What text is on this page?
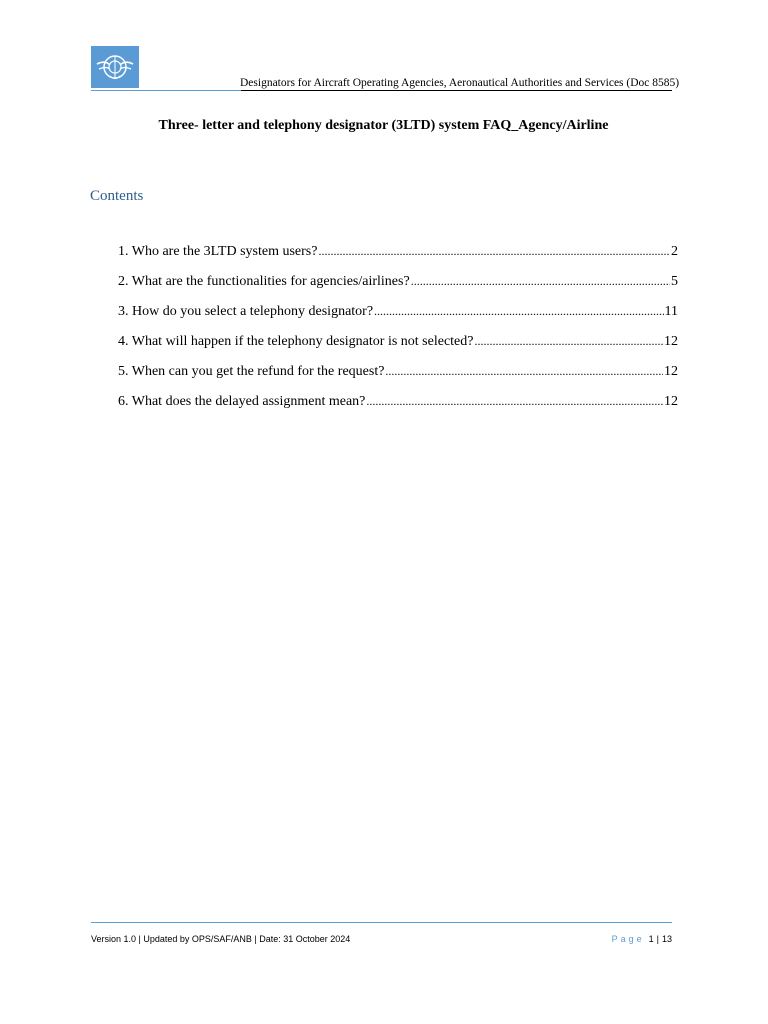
Designators for Aircraft Operating Agencies, Aeronautical Authorities and Services (Doc 8585)
Three- letter and telephony designator (3LTD) system FAQ_Agency/Airline
Contents
1. Who are the 3LTD system users? .....	2
2. What are the functionalities for agencies/airlines? .....	5
3. How do you select a telephony designator? .....	11
4. What will happen if the telephony designator is not selected? .....	12
5. When can you get the refund for the request? .....	12
6. What does the delayed assignment mean? .....	12
Version 1.0 | Updated by OPS/SAF/ANB | Date: 31 October 2024	Page 1 | 13
